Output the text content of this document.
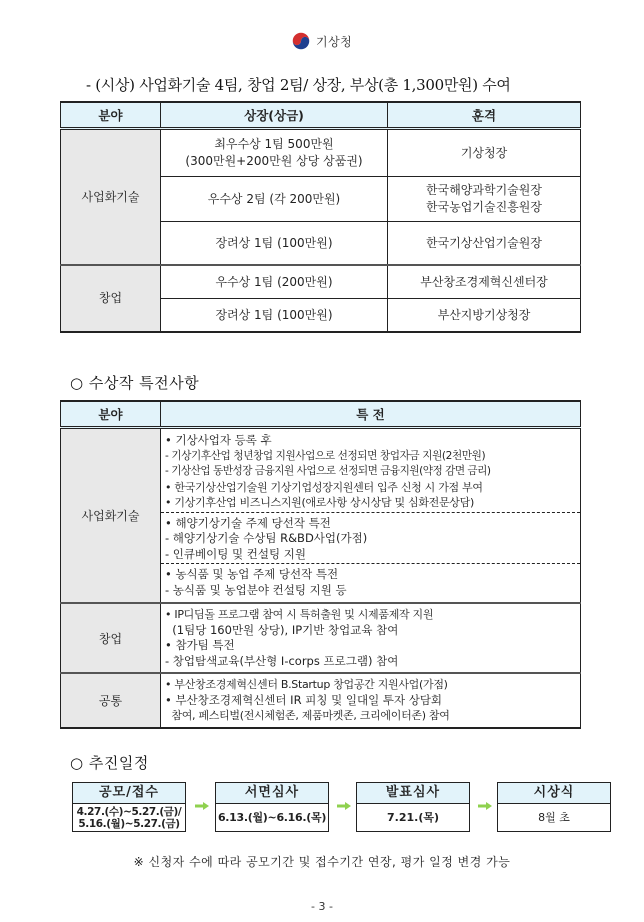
기상청
- (시상) 사업화기술 4팀, 창업 2팀/ 상장, 부상(총 1,300만원) 수여
분야	상장(상금)	훈격
사업화기술	최우수상 1팀 500만원
(300만원+200만원 상당 상품권)	기상청장
	우수상 2팀 (각 200만원)	한국해양과학기술원장
한국농업기술진흥원장

	장려상 1팀 (100만원)	한국기상산업기술원장
창업	우수상 1팀 (200만원)	부산창조경제혁신센터장
	장려상 1팀 (100만원)	부산지방기상청장
○ 수상작 특전사항
분야	특 전
사업화기술	
• 기상사업자 등록 후
- 기상기후산업 청년창업 지원사업으로 선정되면 창업자금 지원(2천만원)
- 기상산업 동반성장 금융지원 사업으로 선정되면 금융지원(약정 감면 금리)
• 한국기상산업기술원 기상기업성장지원센터 입주 신청 시 가점 부여
• 기상기후산업 비즈니스지원(애로사항 상시상담 및 심화전문상담)
• 해양기상기술 주제 당선작 특전
- 해양기상기술 수상팀 R&BD사업(가점)
- 인큐베이팅 및 컨설팅 지원
• 농식품 및 농업 주제 당선작 특전
- 농식품 및 농업분야 컨설팅 지원 등

창업	• IP디딤돌 프로그램 참여 시 특허출원 및 시제품제작 지원
(1팀당 160만원 상당), IP기반 창업교육 참여
• 참가팀 특전
- 창업탐색교육(부산형 I-corps 프로그램) 참여

공통	• 부산창조경제혁신센터 B.Startup 창업공간 지원사업(가점)
• 부산창조경제혁신센터 IR 피칭 및 일대일 투자 상담회
참여, 페스티벌(전시체험존, 제품마켓존, 크리에이터존) 참여
○ 추진일정
공모/접수
4.27.(수)~5.27.(금)/
5.16.(월)~5.27.(금)
서면심사
6.13.(월)~6.16.(목)
발표심사
7.21.(목)
시상식
8월 초
※ 신청자 수에 따라 공모기간 및 접수기간 연장, 평가 일정 변경 가능
- 3 -
